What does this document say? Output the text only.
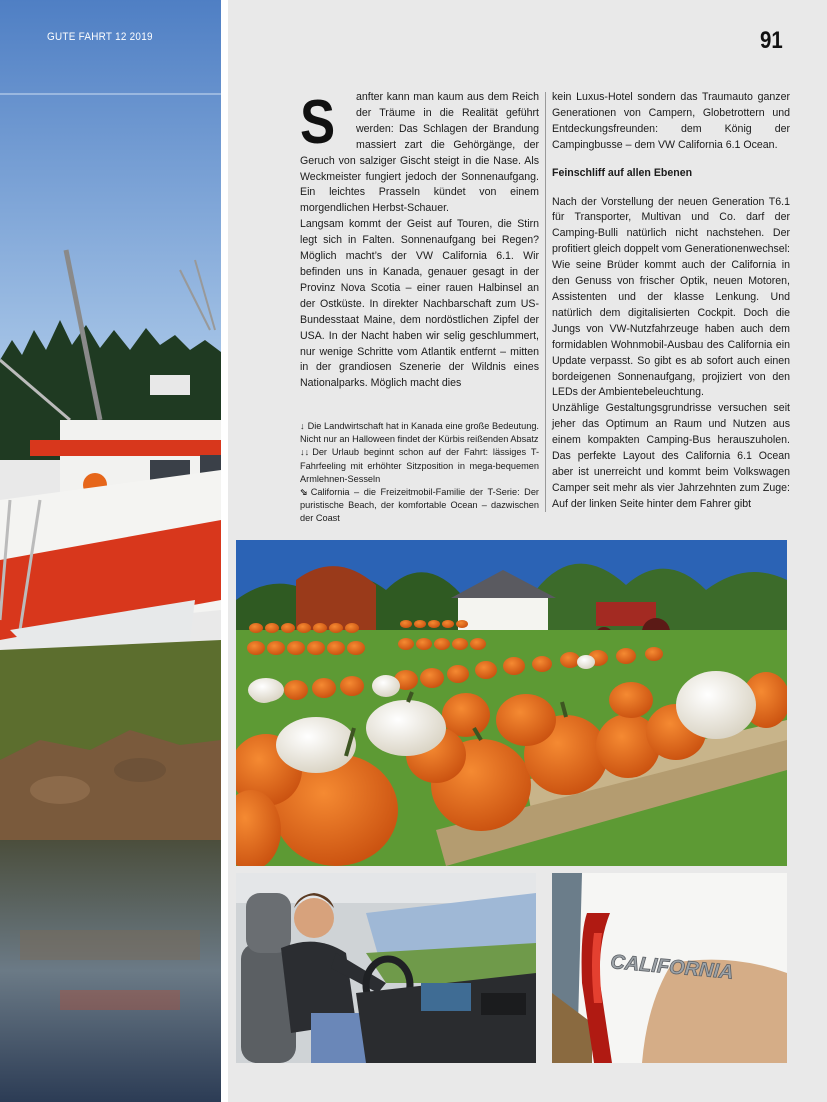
GUTE FAHRT 12 2019	91
S	anfter kann man kaum aus dem Reich der Träume in die Realität geführt werden: Das Schlagen der Brandung massiert zart die Gehörgänge, der Geruch von salziger Gischt steigt in die Nase. Als Weckmeister fungiert jedoch der Sonnenaufgang. Ein leichtes Prasseln kündet von einem morgendlichen Herbst-Schauer.

Langsam kommt der Geist auf Touren, die Stirn legt sich in Falten. Sonnenaufgang bei Regen? Möglich macht’s der VW California 6.1. Wir befinden uns in Kanada, genauer gesagt in der Provinz Nova Scotia – einer rauen Halbinsel an der Ostküste. In direkter Nachbarschaft zum US-Bundesstaat Maine, dem nordöstlichen Zipfel der USA. In der Nacht haben wir selig geschlummert, nur wenige Schritte vom Atlantik entfernt – mitten in der grandiosen Szenerie der Wildnis eines Nationalparks. Möglich macht dies

kein Luxus-Hotel sondern das Traumauto ganzer Generationen von Campern, Globetrottern und Entdeckungsfreunden: dem König der Campingbusse – dem VW California 6.1 Ocean.

Feinschliff auf allen Ebenen

Nach der Vorstellung der neuen Generation T6.1 für Transporter, Multivan und Co. darf der Camping-Bulli natürlich nicht nachstehen. Der profitiert gleich doppelt vom Generationenwechsel: Wie seine Brüder kommt auch der California in den Genuss von frischer Optik, neuen Motoren, Assistenten und der klasse Lenkung. Und natürlich dem digitalisierten Cockpit. Doch die Jungs von VW-Nutzfahrzeuge haben auch dem formidablen Wohnmobil-Ausbau des California ein Update verpasst. So gibt es ab sofort auch einen bordeigenen Sonnenaufgang, projiziert von den LEDs der Ambientebeleuchtung.

Unzählige Gestaltungsgrundrisse versuchen seit jeher das Optimum an Raum und Nutzen aus einem kompakten Camping-Bus herauszuholen. Das perfekte Layout des California 6.1 Ocean aber ist unerreicht und kommt beim Volkswagen Camper seit mehr als vier Jahrzehnten zum Zuge: Auf der linken Seite hinter dem Fahrer gibt

↓ Die Landwirtschaft hat in Kanada eine große Bedeutung. Nicht nur an Halloween findet der Kürbis reißenden Absatz

↓↓ Der Urlaub beginnt schon auf der Fahrt: lässiges T-Fahrfeeling mit erhöhter Sitzposition in mega-bequemen Armlehnen-Sesseln

⬂ California – die Freizeitmobil-Familie der T-Serie: Der puristische Beach, der komfortable Ocean – dazwischen der Coast

CALIFORNIA
